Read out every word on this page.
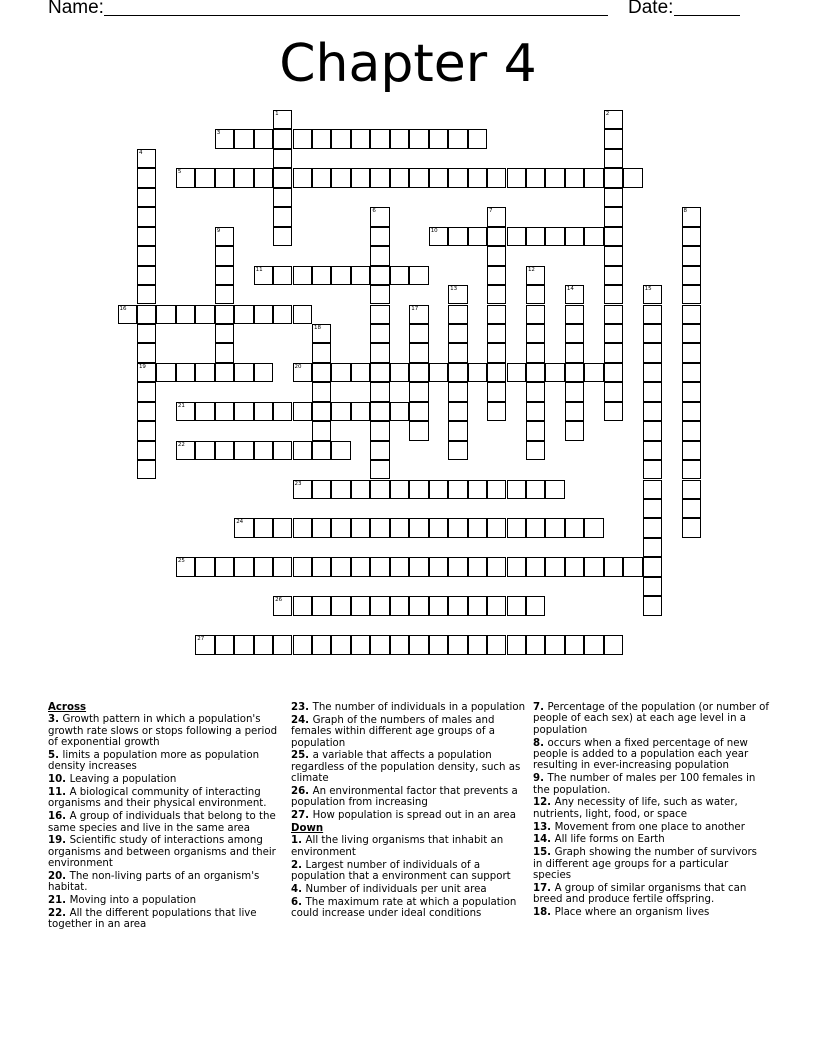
Name:	Date:
Chapter 4
1	2
3
4
19
5
6	7	8
9	10
11	12
13	14	15
16	17
18
20
21
22
23
24
25
26
27
Across
3. Growth pattern in which a population's growth rate slows or stops following a period of exponential growth
5. limits a population more as population density increases
10. Leaving a population
11. A biological community of interacting organisms and their physical environment.
16. A group of individuals that belong to the same species and live in the same area
19. Scientific study of interactions among organisms and between organisms and their environment
20. The non-living parts of an organism's habitat.
21. Moving into a population
22. All the different populations that live together in an area
23. The number of individuals in a population
24. Graph of the numbers of males and females within different age groups of a population
25. a variable that affects a population regardless of the population density, such as climate
26. An environmental factor that prevents a population from increasing
27. How population is spread out in an area
Down
1. All the living organisms that inhabit an environment
2. Largest number of individuals of a population that a environment can support
4. Number of individuals per unit area
6. The maximum rate at which a population could increase under ideal conditions
7. Percentage of the population (or number of people of each sex) at each age level in a population
8. occurs when a fixed percentage of new people is added to a population each year resulting in ever-increasing population
9. The number of males per 100 females in the population.
12. Any necessity of life, such as water, nutrients, light, food, or space
13. Movement from one place to another
14. All life forms on Earth
15. Graph showing the number of survivors in different age groups for a particular species
17. A group of similar organisms that can breed and produce fertile offspring.
18. Place where an organism lives
